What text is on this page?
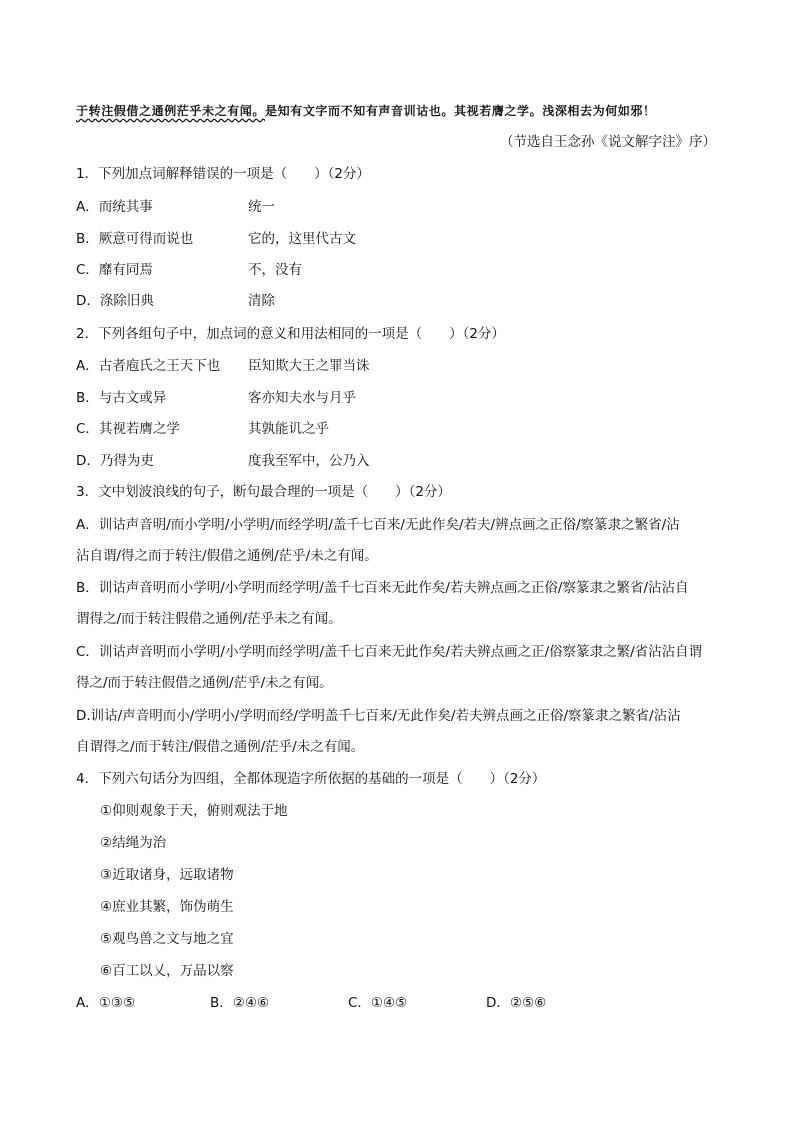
于转注假借之通例茫乎未之有闻。是知有文字而不知有声音训诂也。其视若膺之学。浅深相去为何如邪！
（节选自王念孙《说文解字注》序）
1．下列加点词解释错误的一项是（　　）（2分）
A．而统其事	统一
B．厥意可得而说也	它的，这里代古文
C．靡有同焉	不，没有
D．涤除旧典	清除
2．下列各组句子中，加点词的意义和用法相同的一项是（　　）（2分）
A．古者庖氏之王天下也 臣知欺大王之罪当诛
B．与古文或异	客亦知夫水与月乎
C．其视若膺之学	其孰能讥之乎
D．乃得为吏	度我至军中，公乃入
3．文中划波浪线的句子，断句最合理的一项是（　　）（2分）
A．训诂声音明/而小学明/小学明/而经学明/盖千七百来/无此作矣/若夫/辨点画之正俗/察篆隶之繁省/沾
沾自谓/得之而于转注/假借之通例/茫乎/未之有闻。
B．训诂声音明而小学明/小学明而经学明/盖千七百来无此作矣/若夫辨点画之正俗/察篆隶之繁省/沾沾自
谓得之/而于转注假借之通例/茫乎未之有闻。
C．训诂声音明而小学明/小学明而经学明/盖千七百来无此作矣/若夫辨点画之正/俗察篆隶之繁/省沾沾自谓
得之/而于转注假借之通例/茫乎/未之有闻。
D.训诂/声音明而小/学明小/学明而经/学明盖千七百来/无此作矣/若夫辨点画之正俗/察篆隶之繁省/沾沾
自谓得之/而于转注/假借之通例/茫乎/未之有闻。
4．下列六句话分为四组，全都体现造字所依据的基础的一项是（　　）（2分）
①仰则观象于天，俯则观法于地
②结绳为治
③近取诸身，远取诸物
④庶业其繁，饰伪萌生
⑤观鸟兽之文与地之宜
⑥百工以乂，万品以察
A．①③⑤	B．②④⑥	C．①④⑤	D．②⑤⑥
